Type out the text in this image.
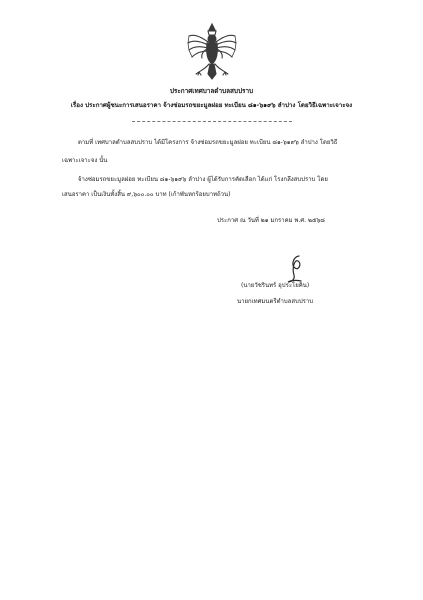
ประกาศเทศบาลตำบลสบปราบ
เรื่อง ประกาศผู้ชนะการเสนอราคา จ้างซ่อมรถขยะมูลฝอย ทะเบียน ๘๑-๖๑๙๖ ลำปาง โดยวิธีเฉพาะเจาะจง
ตามที่ เทศบาลตำบลสบปราบ ได้มีโครงการ จ้างซ่อมรถขยะมูลฝอย ทะเบียน ๘๑-๖๑๙๖ ลำปาง โดยวิธี
เฉพาะเจาะจง นั้น
จ้างซ่อมรถขยะมูลฝอย ทะเบียน ๘๑-๖๑๙๖ ลำปาง ผู้ได้รับการคัดเลือก ได้แก่ โรงกลึงสบปราบ โดย
เสนอราคา เป็นเงินทั้งสิ้น ๙,๖๐๐.๐๐ บาท (เก้าพันหกร้อยบาทถ้วน)
ประกาศ ณ วันที่ ๒๑ มกราคม พ.ศ. ๒๕๖๘
(นายวัชรินทร์ อุประโยคิน)
นายกเทศมนตรีตำบลสบปราบ
